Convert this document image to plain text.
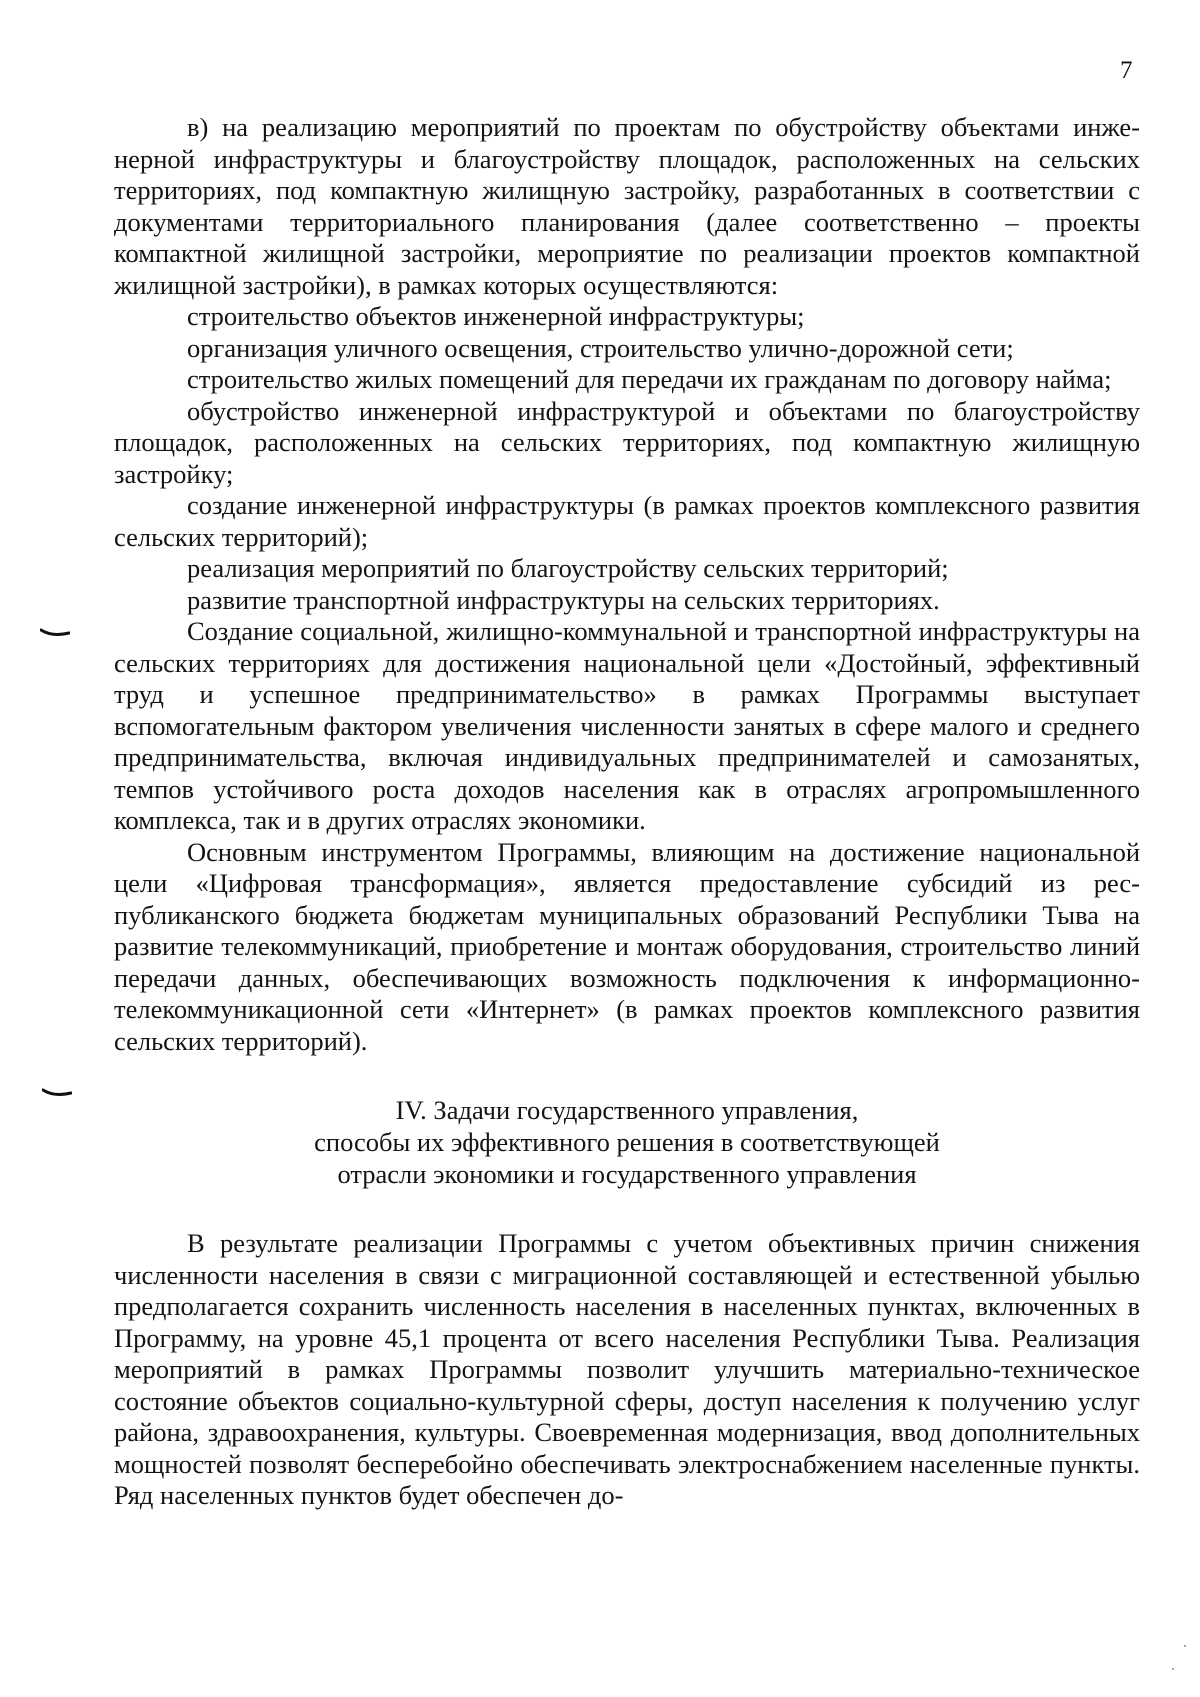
7

в) на реализацию мероприятий по проектам по обустройству объектами инженерной инфраструктуры и благоустройству площадок, расположенных на сельских территориях, под компактную жилищную застройку, разработанных в соответствии с документами территориального планирования (далее соответственно – проекты компактной жилищной застройки, мероприятие по реализации проектов компактной жилищной застройки), в рамках которых осуществляются:

строительство объектов инженерной инфраструктуры;

организация уличного освещения, строительство улично-дорожной сети;

строительство жилых помещений для передачи их гражданам по договору найма;

обустройство инженерной инфраструктурой и объектами по благоустройству площадок, расположенных на сельских территориях, под компактную жилищную застройку;

создание инженерной инфраструктуры (в рамках проектов комплексного развития сельских территорий);

реализация мероприятий по благоустройству сельских территорий;

развитие транспортной инфраструктуры на сельских территориях.

Создание социальной, жилищно-коммунальной и транспортной инфраструктуры на сельских территориях для достижения национальной цели «Достойный, эффективный труд и успешное предпринимательство» в рамках Программы выступает вспомогательным фактором увеличения численности занятых в сфере малого и среднего предпринимательства, включая индивидуальных предпринимателей и самозанятых, темпов устойчивого роста доходов населения как в отраслях агропромышленного комплекса, так и в других отраслях экономики.

Основным инструментом Программы, влияющим на достижение национальной цели «Цифровая трансформация», является предоставление субсидий из республиканского бюджета бюджетам муниципальных образований Республики Тыва на развитие телекоммуникаций, приобретение и монтаж оборудования, строительство линий передачи данных, обеспечивающих возможность подключения к информационно-телекоммуникационной сети «Интернет» (в рамках проектов комплексного развития сельских территорий).

IV. Задачи государственного управления,
способы их эффективного решения в соответствующей
отрасли экономики и государственного управления

В результате реализации Программы с учетом объективных причин снижения численности населения в связи с миграционной составляющей и естественной убылью предполагается сохранить численность населения в населенных пунктах, включенных в Программу, на уровне 45,1 процента от всего населения Республики Тыва. Реализация мероприятий в рамках Программы позволит улучшить материально-техническое состояние объектов социально-культурной сферы, доступ населения к получению услуг района, здравоохранения, культуры. Своевременная модернизация, ввод дополнительных мощностей позволят бесперебойно обеспечивать электроснабжением населенные пункты. Ряд населенных пунктов будет обеспечен до-
